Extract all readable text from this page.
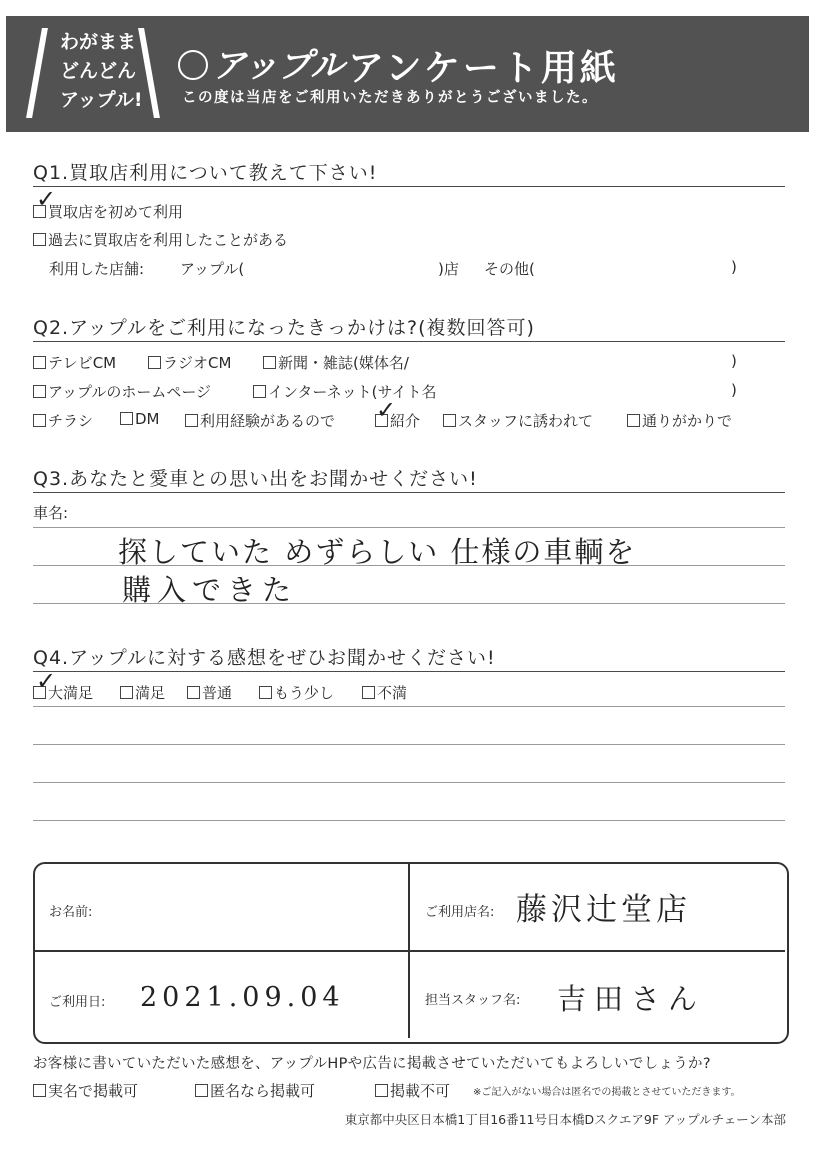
わがまま
どんどん
アップル!
アップル アンケート用紙
この度は当店をご利用いただきありがとうございました。
Q1.買取店利用について教えて下さい!
買取店を初めて利用
✓
過去に買取店を利用したことがある
利用した店舗: アップル(	)店 その他(	)
Q2.アップルをご利用になったきっかけは?(複数回答可)
テレビCM	ラジオCM	新聞・雑誌(媒体名/	)
アップルのホームページ	インターネット(サイト名	)
チラシ	DM	利用経験があるので	紹介
✓	スタッフに誘われて	通りがかりで
Q3.あなたと愛車との思い出をお聞かせください!
車名:
探していた めずらしい 仕様の車輌を
購入できた
Q4.アップルに対する感想をぜひお聞かせください!
大満足
✓	満足	普通	もう少し	不満
お名前:	ご利用店名: 藤沢辻堂店
ご利用日: 2021.09.04	担当スタッフ名: 吉田さん
お客様に書いていただいた感想を、アップルHPや広告に掲載させていただいてもよろしいでしょうか?
実名で掲載可	匿名なら掲載可	掲載不可 ※ご記入がない場合は匿名での掲載とさせていただきます。
東京都中央区日本橋1丁目16番11号日本橋Dスクエア9F アップルチェーン本部
